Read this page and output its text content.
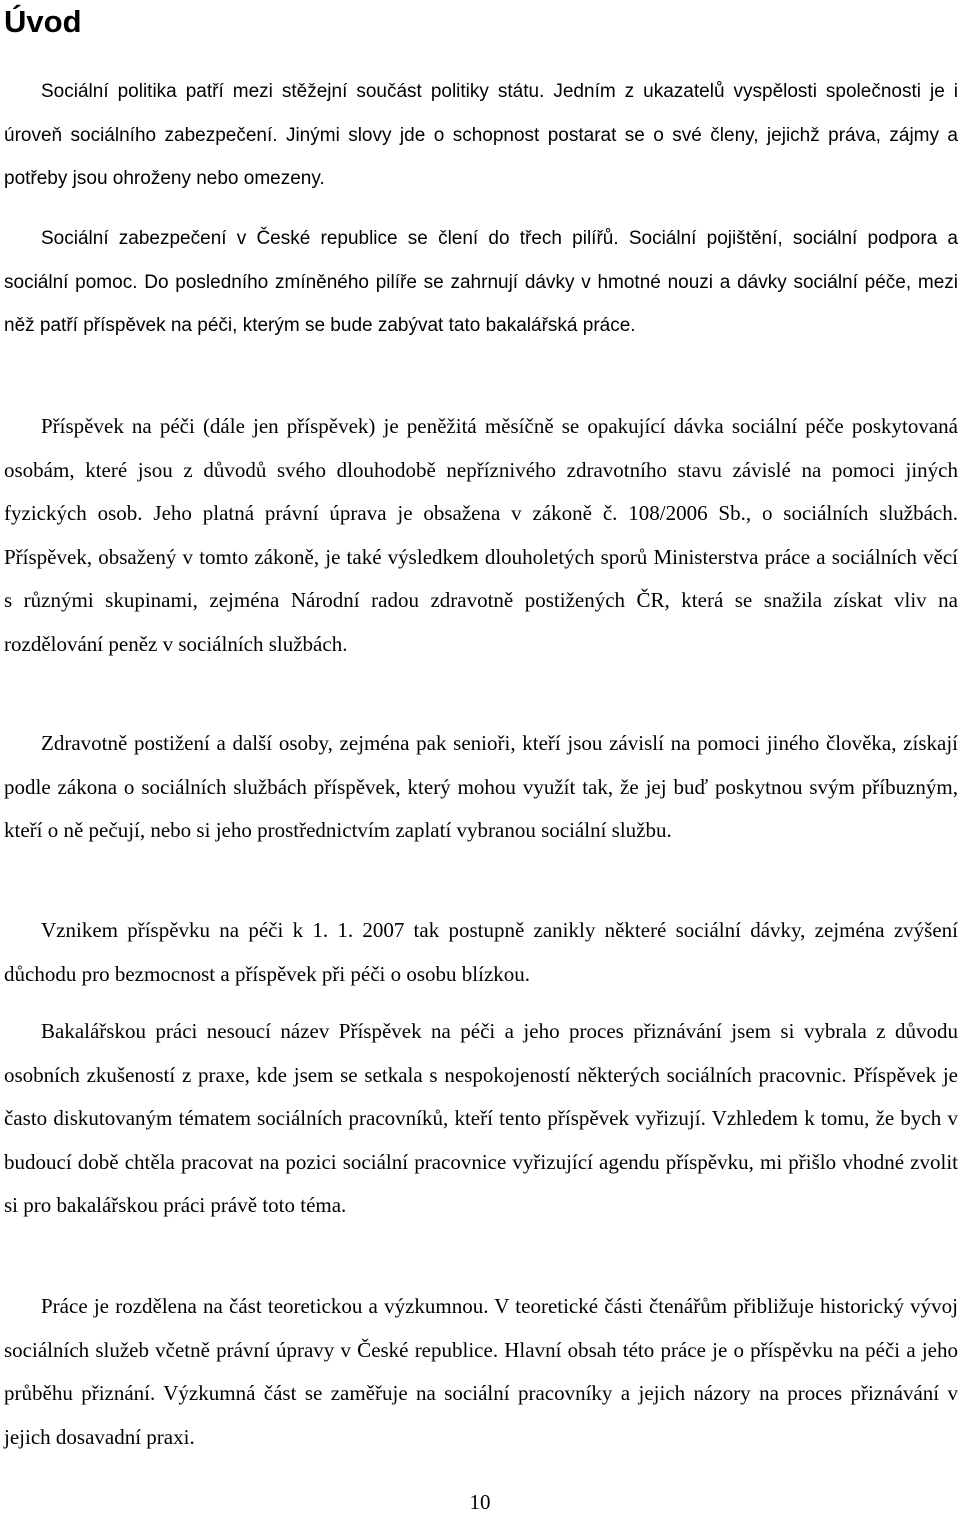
Úvod

Sociální politika patří mezi stěžejní součást politiky státu. Jedním z ukazatelů vyspělosti společnosti je i úroveň sociálního zabezpečení. Jinými slovy jde o schopnost postarat se o své členy, jejichž práva, zájmy a potřeby jsou ohroženy nebo omezeny.

Sociální zabezpečení v České republice se člení do třech pilířů. Sociální pojištění, sociální podpora a sociální pomoc. Do posledního zmíněného pilíře se zahrnují dávky v hmotné nouzi a dávky sociální péče, mezi něž patří příspěvek na péči, kterým se bude zabývat tato bakalářská práce.

Příspěvek na péči (dále jen příspěvek) je peněžitá měsíčně se opakující dávka sociální péče poskytovaná osobám, které jsou z důvodů svého dlouhodobě nepříznivého zdravotního stavu závislé na pomoci jiných fyzických osob. Jeho platná právní úprava je obsažena v zákoně č. 108/2006 Sb., o sociálních službách. Příspěvek, obsažený v tomto zákoně, je také výsledkem dlouholetých sporů Ministerstva práce a sociálních věcí s různými skupinami, zejména Národní radou zdravotně postižených ČR, která se snažila získat vliv na rozdělování peněz v sociálních službách.

Zdravotně postižení a další osoby, zejména pak senioři, kteří jsou závislí na pomoci jiného člověka, získají podle zákona o sociálních službách příspěvek, který mohou využít tak, že jej buď poskytnou svým příbuzným, kteří o ně pečují, nebo si jeho prostřednictvím zaplatí vybranou sociální službu.

Vznikem příspěvku na péči k 1. 1. 2007 tak postupně zanikly některé sociální dávky, zejména zvýšení důchodu pro bezmocnost a příspěvek při péči o osobu blízkou.

Bakalářskou práci nesoucí název Příspěvek na péči a jeho proces přiznávání jsem si vybrala z důvodu osobních zkušeností z praxe, kde jsem se setkala s nespokojeností některých sociálních pracovnic. Příspěvek je často diskutovaným tématem sociálních pracovníků, kteří tento příspěvek vyřizují. Vzhledem k tomu, že bych v budoucí době chtěla pracovat na pozici sociální pracovnice vyřizující agendu příspěvku, mi přišlo vhodné zvolit si pro bakalářskou práci právě toto téma.

Práce je rozdělena na část teoretickou a výzkumnou. V teoretické části čtenářům přibližuje historický vývoj sociálních služeb včetně právní úpravy v České republice. Hlavní obsah této práce je o příspěvku na péči a jeho průběhu přiznání. Výzkumná část se zaměřuje na sociální pracovníky a jejich názory na proces přiznávání v jejich dosavadní praxi.

10
